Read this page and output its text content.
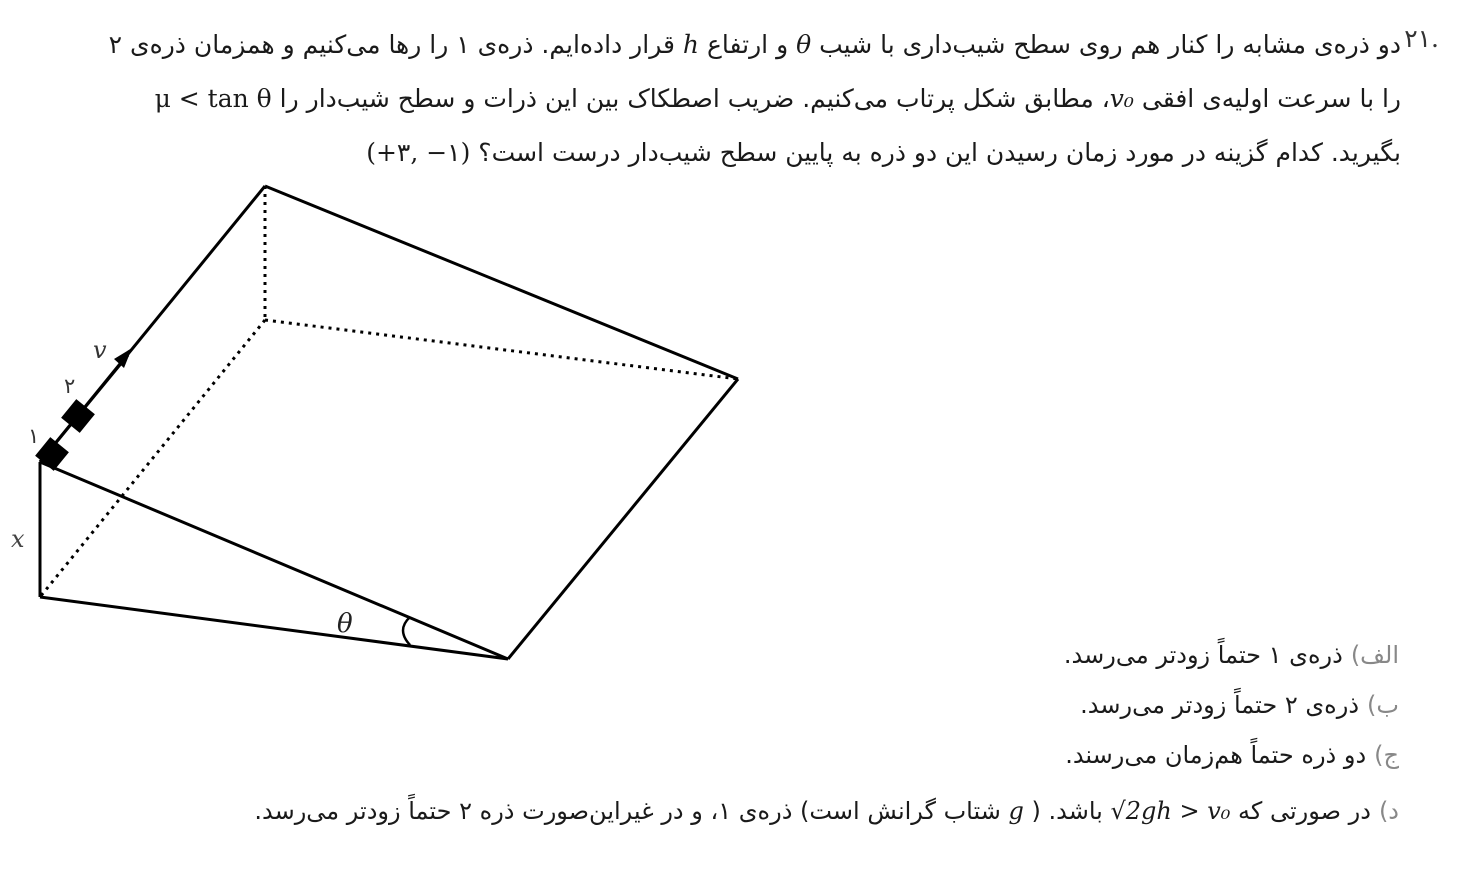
۲۱.
دو ذره‌ی مشابه را کنار هم روی سطح شیب‌داری با شیب θ و ارتفاع h قرار داده‌ایم. ذره‌ی ۱ را رها می‌کنیم و همزمان ذره‌ی ۲
را با سرعت اولیه‌ی افقی v₀، مطابق شکل پرتاب می‌کنیم. ضریب اصطکاک بین این ذرات و سطح شیب‌دار را μ < tan θ
بگیرید. کدام گزینه در مورد زمان رسیدن این دو ذره به پایین سطح شیب‌دار درست است؟ (+۳, −۱)
v
۲
۱
x
θ
الف)ذره‌ی ۱ حتماً زودتر می‌رسد.
ب)ذره‌ی ۲ حتماً زودتر می‌رسد.
ج)دو ذره حتماً هم‌زمان می‌رسند.
د)در صورتی که √2gh > v₀ باشد. ( g شتاب گرانش است) ذره‌ی ۱، و در غیراین‌صورت ذره ۲ حتماً زودتر می‌رسد.
